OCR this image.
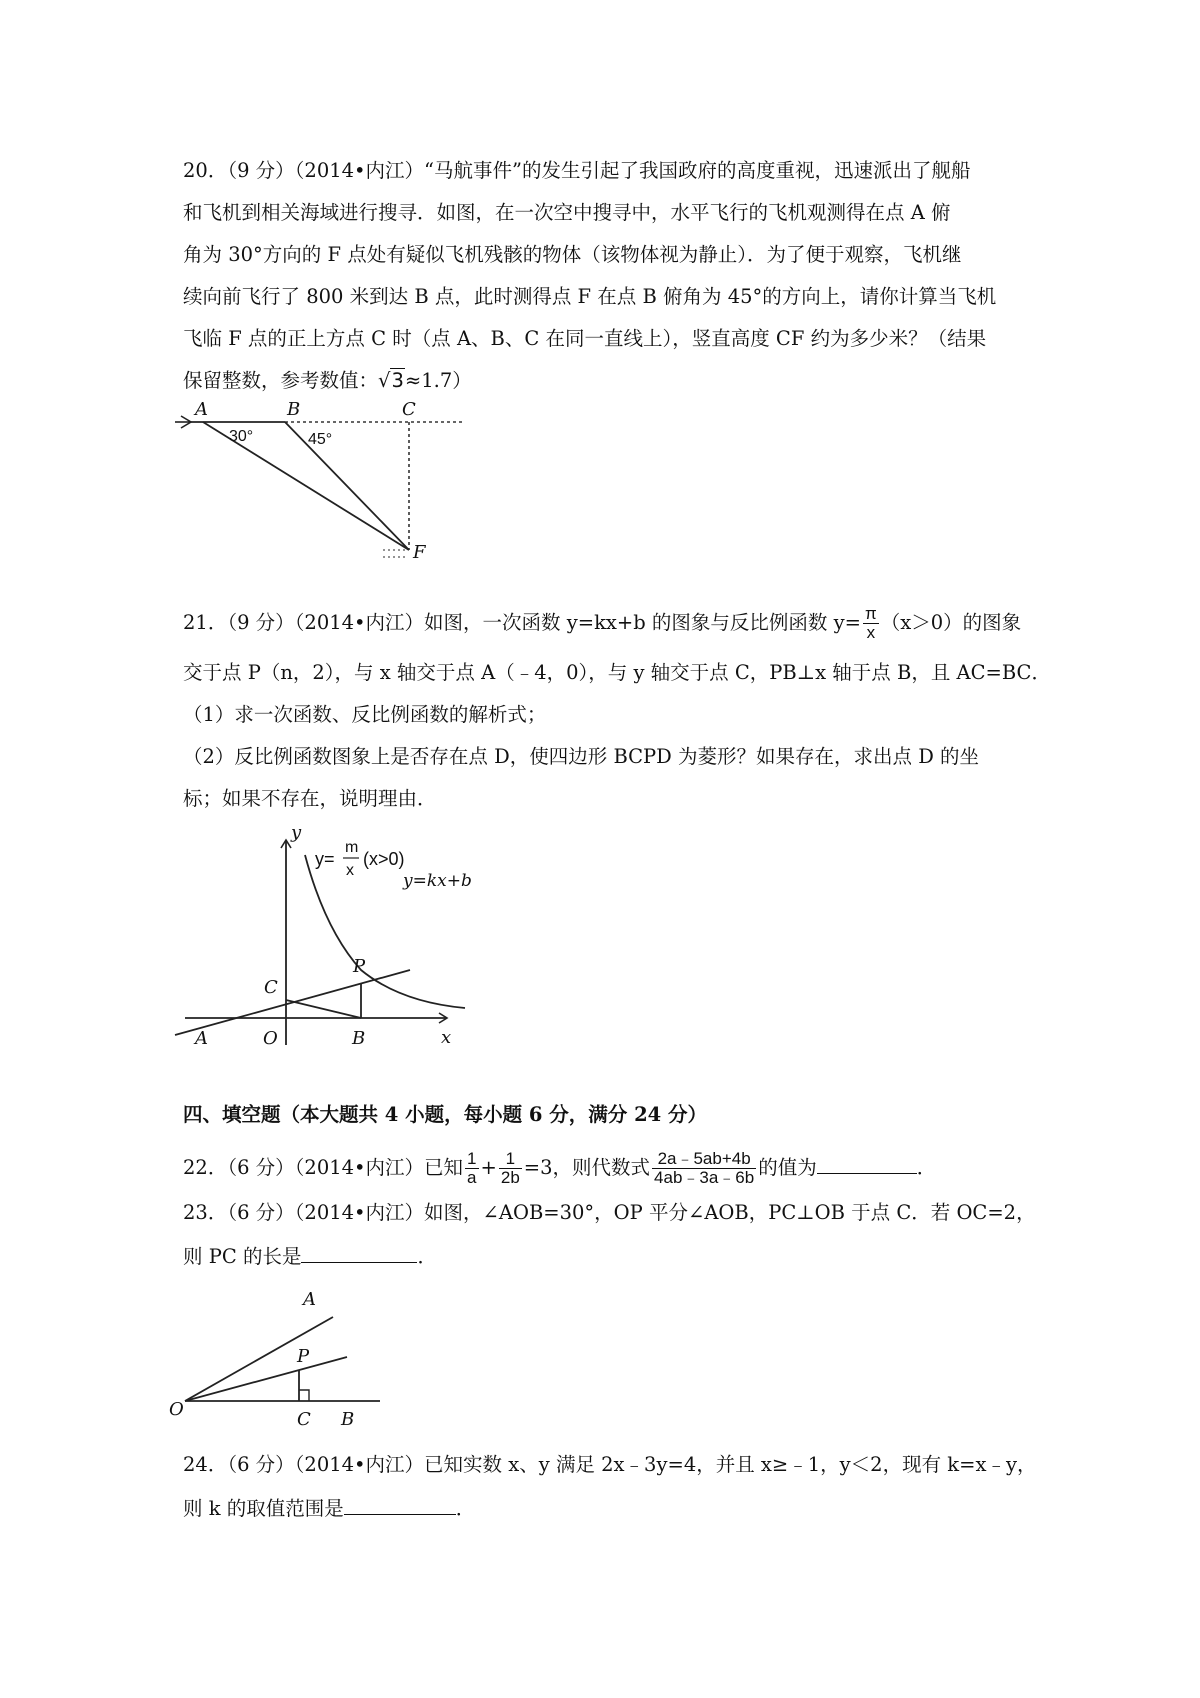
20．（9 分）（2014•内江）“马航事件”的发生引起了我国政府的高度重视，迅速派出了舰船
和飞机到相关海域进行搜寻．如图，在一次空中搜寻中，水平飞行的飞机观测得在点 A 俯
角为 30°方向的 F 点处有疑似飞机残骸的物体（该物体视为静止）．为了便于观察，飞机继
续向前飞行了 800 米到达 B 点，此时测得点 F 在点 B 俯角为 45°的方向上，请你计算当飞机
飞临 F 点的正上方点 C 时（点 A、B、C 在同一直线上），竖直高度 CF 约为多少米？（结果
保留整数，参考数值：√3≈1.7）
A	B	C
F
30°	45°
21．（9 分）（2014•内江）如图，一次函数 y=kx+b 的图象与反比例函数 $y= \frac{\pi}{x} (x>0)$的图象
交于点 P（n，2），与 x 轴交于点 A（﹣4，0），与 y 轴交于点 C，PB⊥x 轴于点 B，且 AC=BC．
（1）求一次函数、反比例函数的解析式；
（2）反比例函数图象上是否存在点 D，使四边形 BCPD 为菱形？如果存在，求出点 D 的坐
标；如果不存在，说明理由．
y
x
y=
m
x
(x>0)
y=kx+b
A	O	B
C
P
四、填空题（本大题共 4 小题，每小题 6 分，满分 24 分）
22．（6 分）（2014•内江）已知 $\frac{1}{a} + \frac{1}{2b} =3$，则代数式 $\frac{2a﹣5ab+4b}{4ab﹣3a﹣6b}$ 的值为	．
23．（6 分）（2014•内江）如图，∠AOB=30°，OP 平分∠AOB，PC⊥OB 于点 C．若 OC=2，
则 PC 的长是	．
A
P
O	C B
24．（6 分）（2014•内江）已知实数 x、y 满足 2x﹣3y=4，并且 x≥﹣1，y＜2，现有 k=x﹣y，
则 k 的取值范围是	．
